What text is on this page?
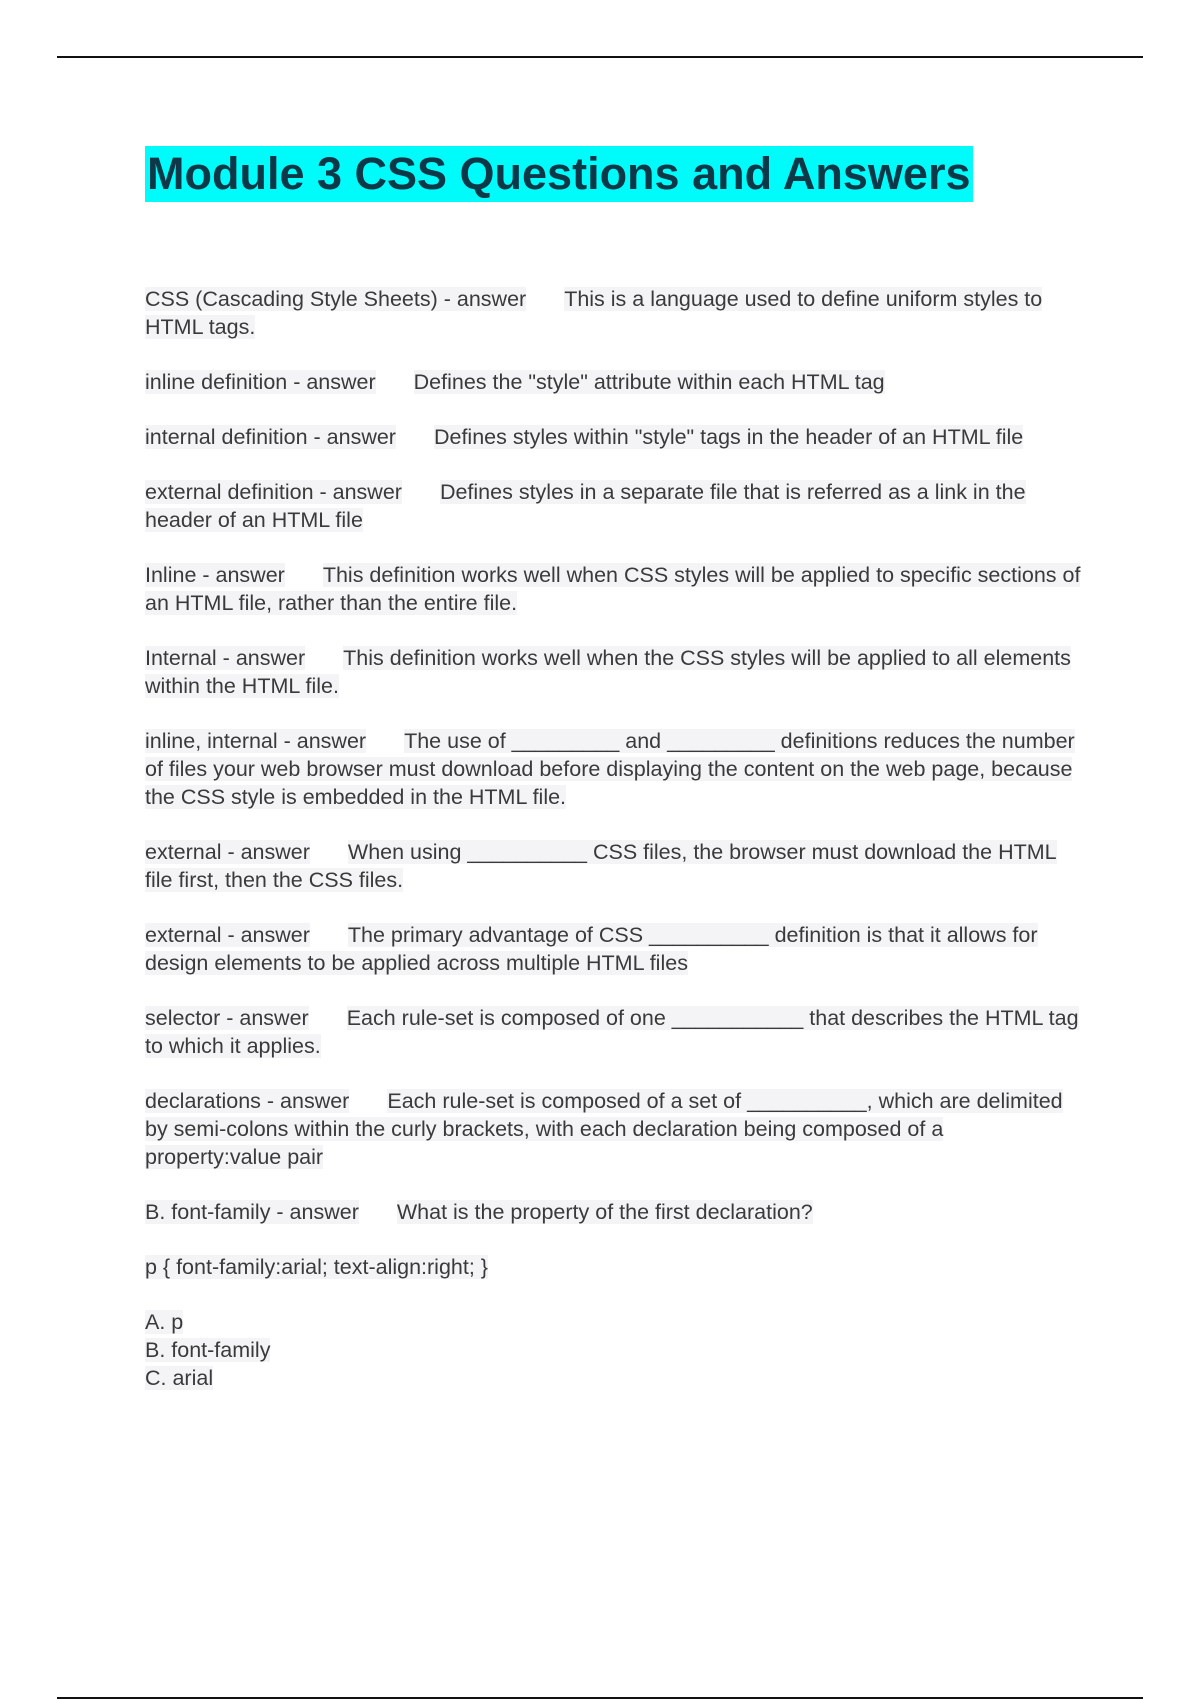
Module 3 CSS Questions and Answers

CSS (Cascading Style Sheets) - answer This is a language used to define uniform styles to HTML tags.

inline definition - answer Defines the "style" attribute within each HTML tag

internal definition - answer Defines styles within "style" tags in the header of an HTML file

external definition - answer Defines styles in a separate file that is referred as a link in the header of an HTML file

Inline - answer This definition works well when CSS styles will be applied to specific sections of an HTML file, rather than the entire file.

Internal - answer This definition works well when the CSS styles will be applied to all elements within the HTML file.

inline, internal - answer The use of _________ and _________ definitions reduces the number of files your web browser must download before displaying the content on the web page, because the CSS style is embedded in the HTML file.

external - answer When using __________ CSS files, the browser must download the HTML file first, then the CSS files.

external - answer The primary advantage of CSS __________ definition is that it allows for design elements to be applied across multiple HTML files

selector - answer Each rule-set is composed of one ___________ that describes the HTML tag to which it applies.

declarations - answer Each rule-set is composed of a set of __________, which are delimited by semi-colons within the curly brackets, with each declaration being composed of a property:value pair

B. font-family - answer What is the property of the first declaration?

p { font-family:arial; text-align:right; }

A. p

B. font-family

C. arial
